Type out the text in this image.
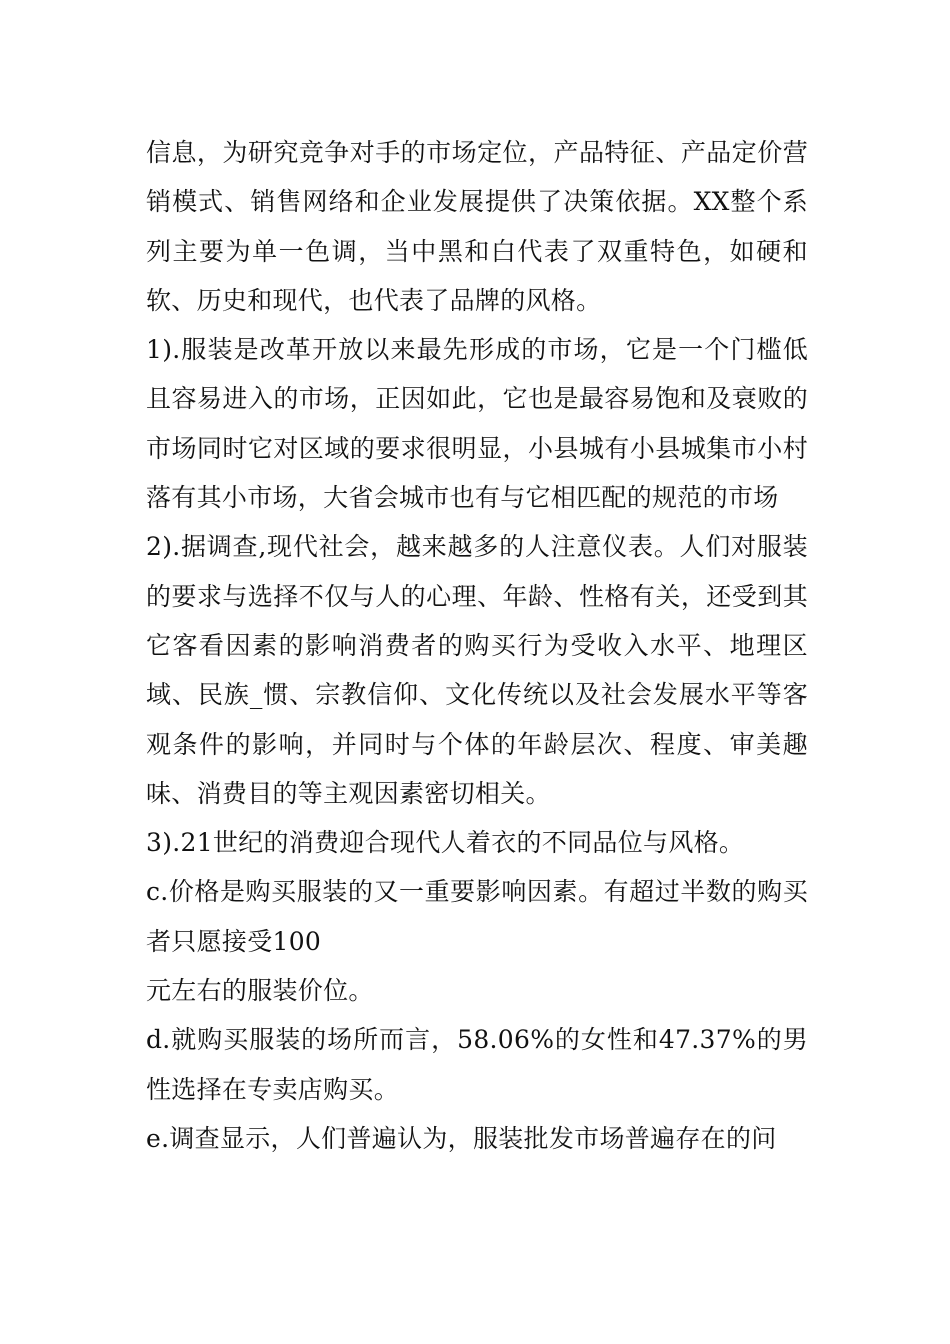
信息，为研究竞争对手的市场定位，产品特征、产品定价营销模式、销售网络和企业发展提供了决策依据。XX整个系列主要为单一色调，当中黑和白代表了双重特色，如硬和软、历史和现代，也代表了品牌的风格。

1).服装是改革开放以来最先形成的市场，它是一个门槛低且容易进入的市场，正因如此，它也是最容易饱和及衰败的市场同时它对区域的要求很明显，小县城有小县城集市小村落有其小市场，大省会城市也有与它相匹配的规范的市场

2).据调查,现代社会，越来越多的人注意仪表。人们对服装的要求与选择不仅与人的心理、年龄、性格有关，还受到其它客看因素的影响消费者的购买行为受收入水平、地理区域、民族_惯、宗教信仰、文化传统以及社会发展水平等客观条件的影响，并同时与个体的年龄层次、程度、审美趣味、消费目的等主观因素密切相关。

3).21世纪的消费迎合现代人着衣的不同品位与风格。

c.价格是购买服装的又一重要影响因素。有超过半数的购买者只愿接受100

元左右的服装价位。

d.就购买服装的场所而言，58.06%的女性和47.37%的男性选择在专卖店购买。

e.调查显示，人们普遍认为，服装批发市场普遍存在的问
